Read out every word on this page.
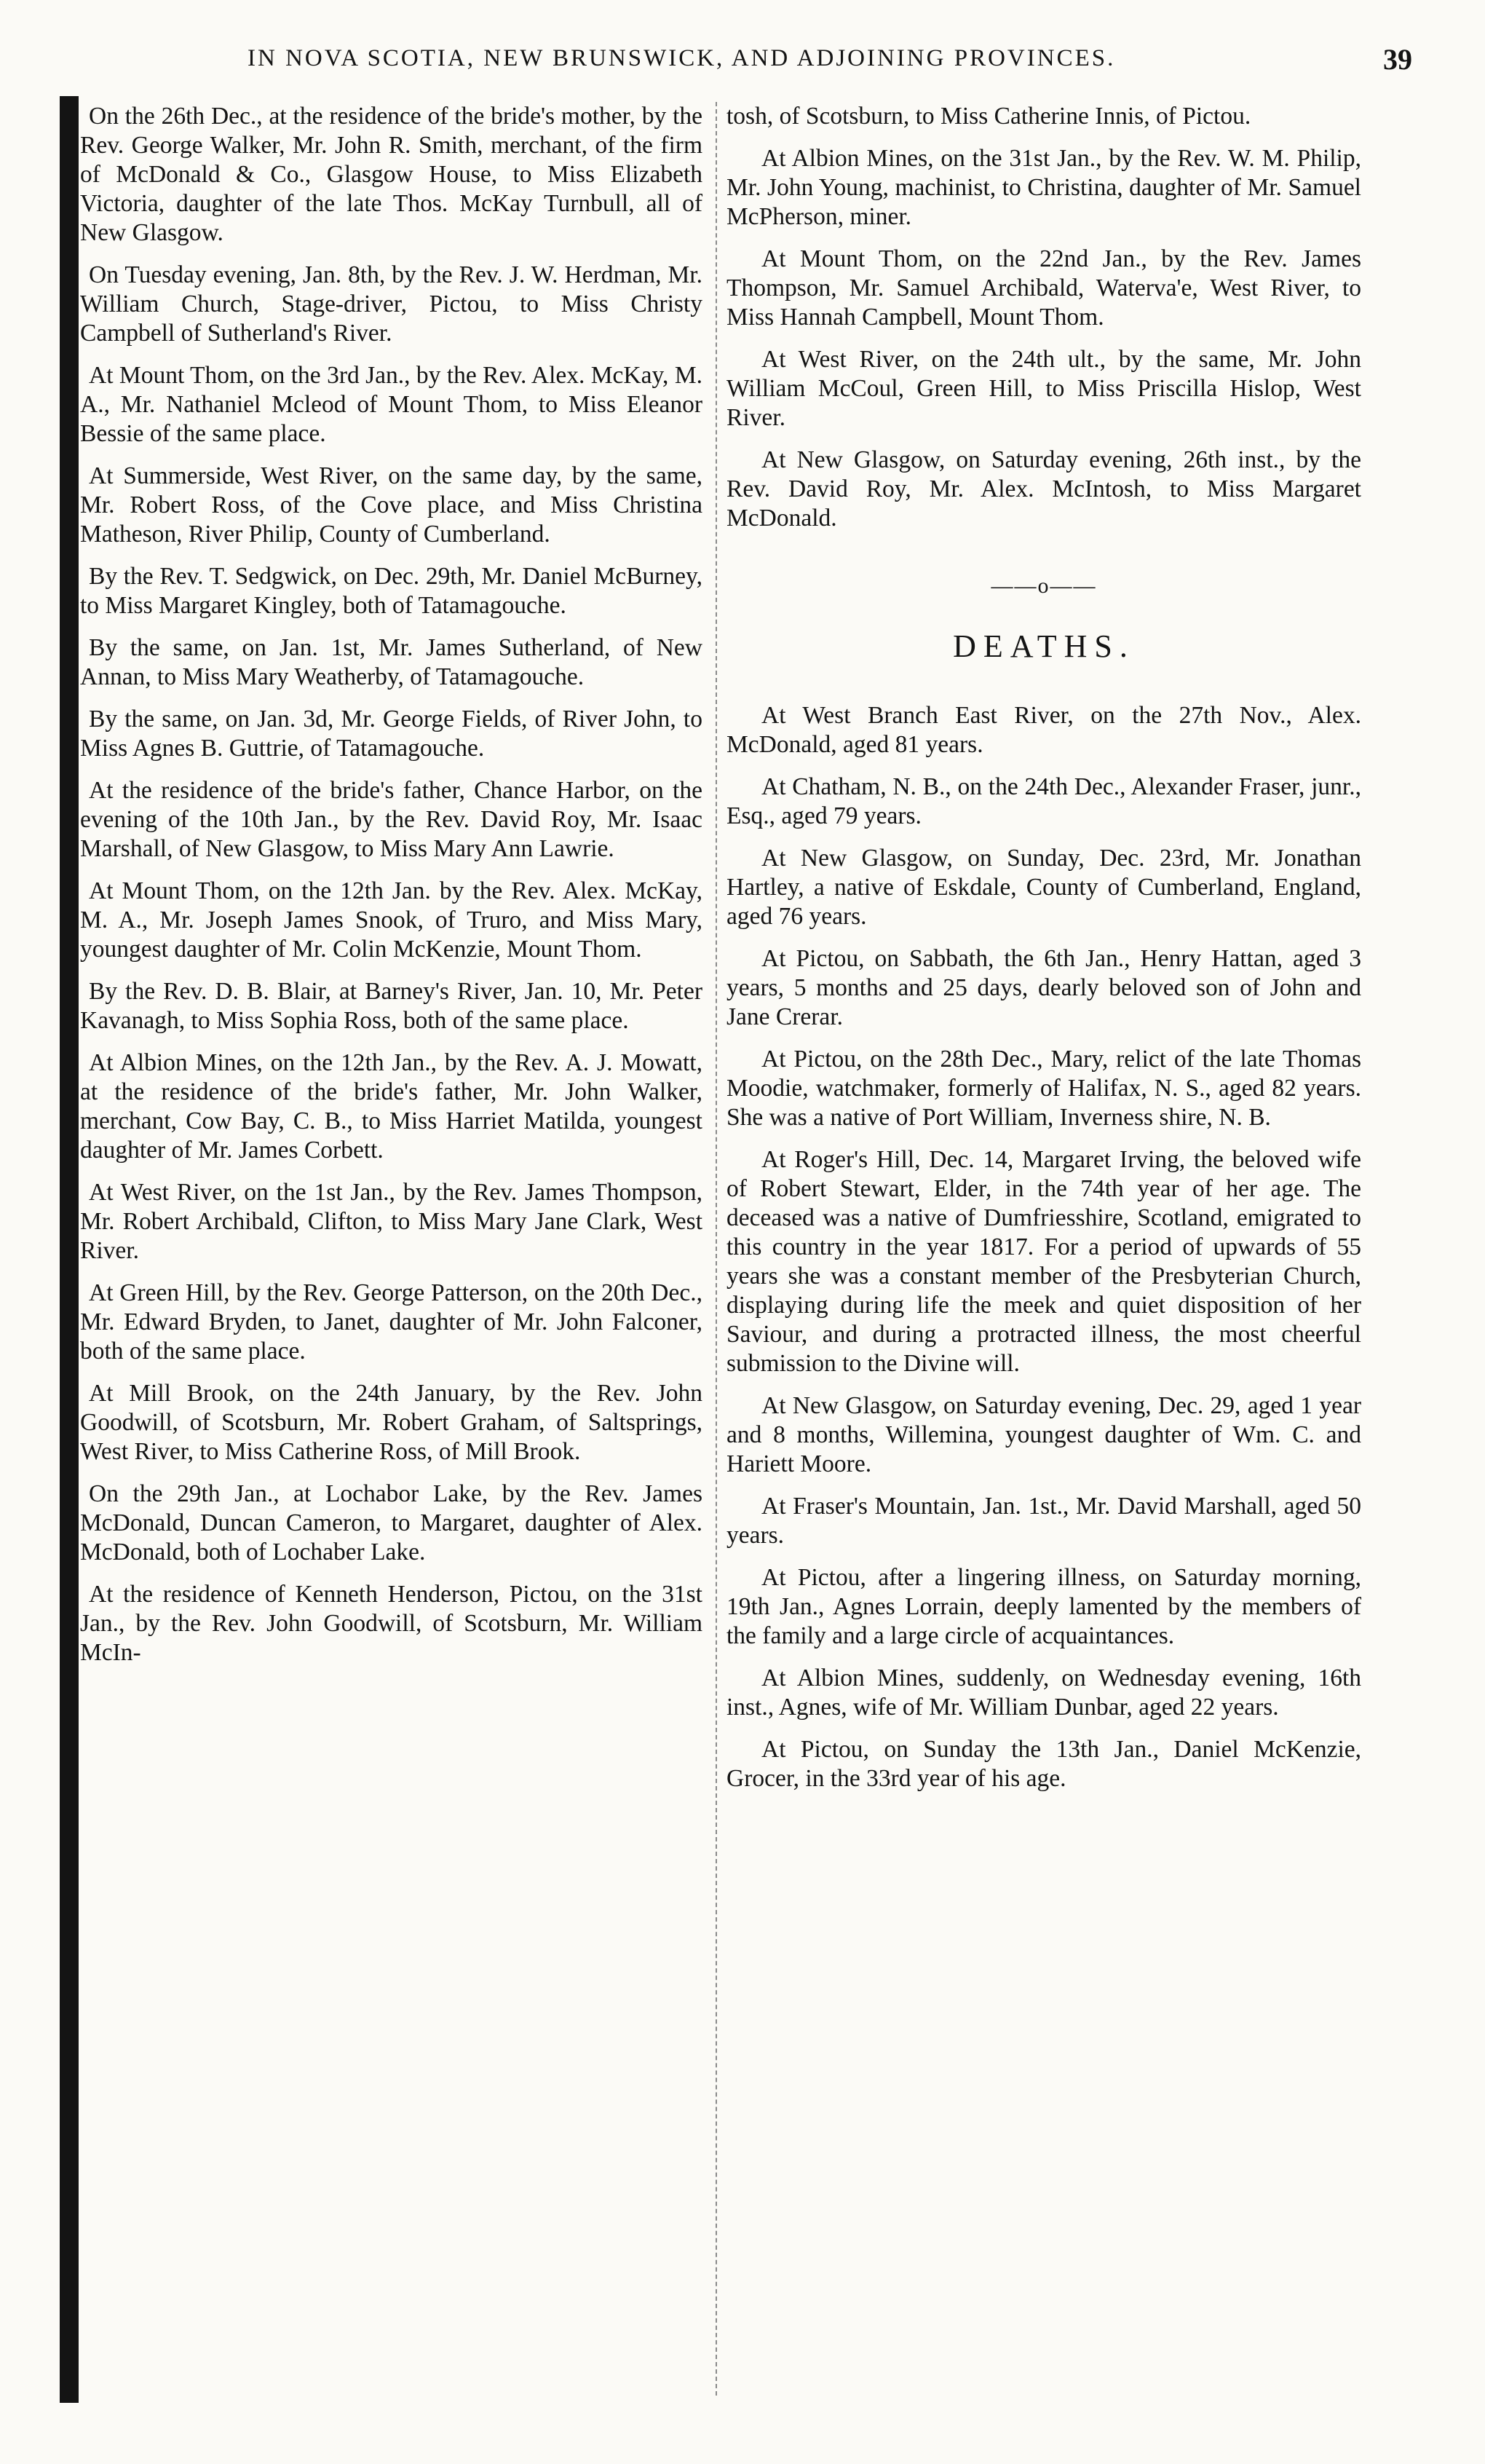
IN NOVA SCOTIA, NEW BRUNSWICK, AND ADJOINING PROVINCES.	39

On the 26th Dec., at the residence of the bride's mother, by the Rev. George Walker, Mr. John R. Smith, merchant, of the firm of McDonald & Co., Glasgow House, to Miss Elizabeth Victoria, daughter of the late Thos. McKay Turnbull, all of New Glasgow.

On Tuesday evening, Jan. 8th, by the Rev. J. W. Herdman, Mr. William Church, Stage-driver, Pictou, to Miss Christy Campbell of Sutherland's River.

At Mount Thom, on the 3rd Jan., by the Rev. Alex. McKay, M. A., Mr. Nathaniel Mcleod of Mount Thom, to Miss Eleanor Bessie of the same place.

At Summerside, West River, on the same day, by the same, Mr. Robert Ross, of the Cove place, and Miss Christina Matheson, River Philip, County of Cumberland.

By the Rev. T. Sedgwick, on Dec. 29th, Mr. Daniel McBurney, to Miss Margaret Kingley, both of Tatamagouche.

By the same, on Jan. 1st, Mr. James Sutherland, of New Annan, to Miss Mary Weatherby, of Tatamagouche.

By the same, on Jan. 3d, Mr. George Fields, of River John, to Miss Agnes B. Guttrie, of Tatamagouche.

At the residence of the bride's father, Chance Harbor, on the evening of the 10th Jan., by the Rev. David Roy, Mr. Isaac Marshall, of New Glasgow, to Miss Mary Ann Lawrie.

At Mount Thom, on the 12th Jan. by the Rev. Alex. McKay, M. A., Mr. Joseph James Snook, of Truro, and Miss Mary, youngest daughter of Mr. Colin McKenzie, Mount Thom.

By the Rev. D. B. Blair, at Barney's River, Jan. 10, Mr. Peter Kavanagh, to Miss Sophia Ross, both of the same place.

At Albion Mines, on the 12th Jan., by the Rev. A. J. Mowatt, at the residence of the bride's father, Mr. John Walker, merchant, Cow Bay, C. B., to Miss Harriet Matilda, youngest daughter of Mr. James Corbett.

At West River, on the 1st Jan., by the Rev. James Thompson, Mr. Robert Archibald, Clifton, to Miss Mary Jane Clark, West River.

At Green Hill, by the Rev. George Patterson, on the 20th Dec., Mr. Edward Bryden, to Janet, daughter of Mr. John Falconer, both of the same place.

At Mill Brook, on the 24th January, by the Rev. John Goodwill, of Scotsburn, Mr. Robert Graham, of Saltsprings, West River, to Miss Catherine Ross, of Mill Brook.

On the 29th Jan., at Lochabor Lake, by the Rev. James McDonald, Duncan Cameron, to Margaret, daughter of Alex. McDonald, both of Lochaber Lake.

At the residence of Kenneth Henderson, Pictou, on the 31st Jan., by the Rev. John Goodwill, of Scotsburn, Mr. William McIn-

tosh, of Scotsburn, to Miss Catherine Innis, of Pictou.

At Albion Mines, on the 31st Jan., by the Rev. W. M. Philip, Mr. John Young, machinist, to Christina, daughter of Mr. Samuel McPherson, miner.

At Mount Thom, on the 22nd Jan., by the Rev. James Thompson, Mr. Samuel Archibald, Waterva'e, West River, to Miss Hannah Campbell, Mount Thom.

At West River, on the 24th ult., by the same, Mr. John William McCoul, Green Hill, to Miss Priscilla Hislop, West River.

At New Glasgow, on Saturday evening, 26th inst., by the Rev. David Roy, Mr. Alex. McIntosh, to Miss Margaret McDonald.

——o——
DEATHS.

At West Branch East River, on the 27th Nov., Alex. McDonald, aged 81 years.

At Chatham, N. B., on the 24th Dec., Alexander Fraser, junr., Esq., aged 79 years.

At New Glasgow, on Sunday, Dec. 23rd, Mr. Jonathan Hartley, a native of Eskdale, County of Cumberland, England, aged 76 years.

At Pictou, on Sabbath, the 6th Jan., Henry Hattan, aged 3 years, 5 months and 25 days, dearly beloved son of John and Jane Crerar.

At Pictou, on the 28th Dec., Mary, relict of the late Thomas Moodie, watchmaker, formerly of Halifax, N. S., aged 82 years. She was a native of Port William, Inverness shire, N. B.

At Roger's Hill, Dec. 14, Margaret Irving, the beloved wife of Robert Stewart, Elder, in the 74th year of her age. The deceased was a native of Dumfriesshire, Scotland, emigrated to this country in the year 1817. For a period of upwards of 55 years she was a constant member of the Presbyterian Church, displaying during life the meek and quiet disposition of her Saviour, and during a protracted illness, the most cheerful submission to the Divine will.

At New Glasgow, on Saturday evening, Dec. 29, aged 1 year and 8 months, Willemina, youngest daughter of Wm. C. and Hariett Moore.

At Fraser's Mountain, Jan. 1st., Mr. David Marshall, aged 50 years.

At Pictou, after a lingering illness, on Saturday morning, 19th Jan., Agnes Lorrain, deeply lamented by the members of the family and a large circle of acquaintances.

At Albion Mines, suddenly, on Wednesday evening, 16th inst., Agnes, wife of Mr. William Dunbar, aged 22 years.

At Pictou, on Sunday the 13th Jan., Daniel McKenzie, Grocer, in the 33rd year of his age.
